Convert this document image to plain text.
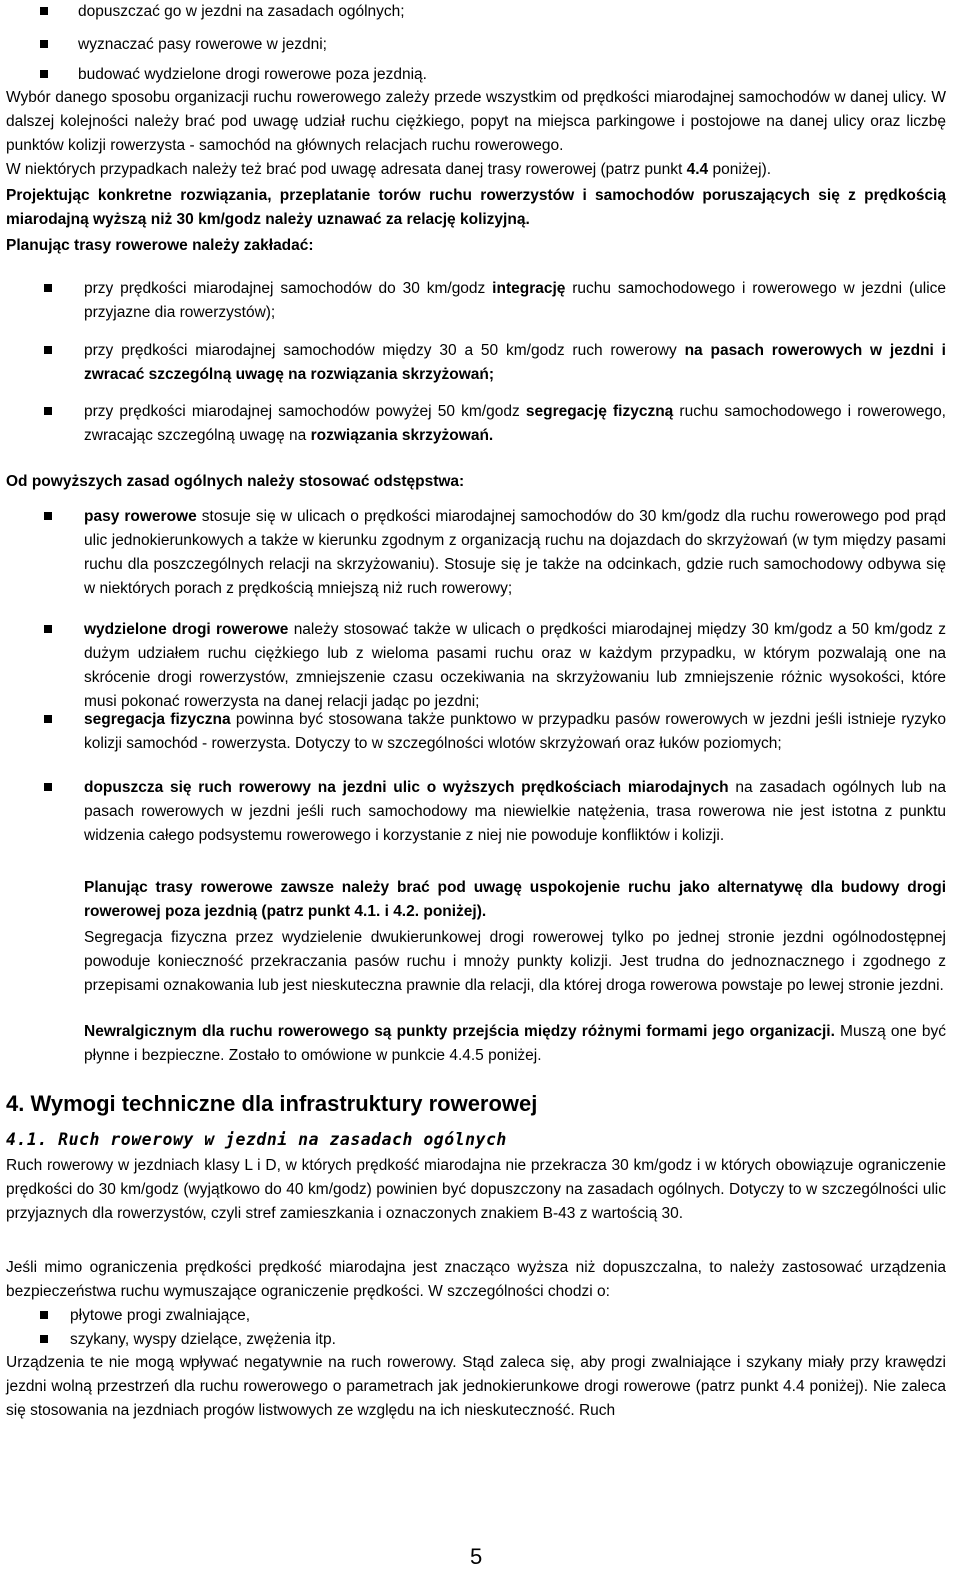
dopuszczać go w jezdni na zasadach ogólnych;
wyznaczać pasy rowerowe w jezdni;
budować wydzielone drogi rowerowe poza jezdnią.
Wybór danego sposobu organizacji ruchu rowerowego zależy przede wszystkim od prędkości miarodajnej samochodów w danej ulicy. W dalszej kolejności należy brać pod uwagę udział ruchu ciężkiego, popyt na miejsca parkingowe i postojowe na danej ulicy oraz liczbę punktów kolizji rowerzysta - samochód na głównych relacjach ruchu rowerowego.
W niektórych przypadkach należy też brać pod uwagę adresata danej trasy rowerowej (patrz punkt 4.4 poniżej).
Projektując konkretne rozwiązania, przeplatanie torów ruchu rowerzystów i samochodów poruszających się z prędkością miarodajną wyższą niż 30 km/godz należy uznawać za relację kolizyjną.
Planując trasy rowerowe należy zakładać:
przy prędkości miarodajnej samochodów do 30 km/godz integrację ruchu samochodowego i rowerowego w jezdni (ulice przyjazne dia rowerzystów);
przy prędkości miarodajnej samochodów między 30 a 50 km/godz ruch rowerowy na pasach rowerowych w jezdni i zwracać szczególną uwagę na rozwiązania skrzyżowań;
przy prędkości miarodajnej samochodów powyżej 50 km/godz segregację fizyczną ruchu samochodowego i rowerowego, zwracając szczególną uwagę na rozwiązania skrzyżowań.
Od powyższych zasad ogólnych należy stosować odstępstwa:
pasy rowerowe stosuje się w ulicach o prędkości miarodajnej samochodów do 30 km/godz dla ruchu rowerowego pod prąd ulic jednokierunkowych a także w kierunku zgodnym z organizacją ruchu na dojazdach do skrzyżowań (w tym między pasami ruchu dla poszczególnych relacji na skrzyżowaniu). Stosuje się je także na odcinkach, gdzie ruch samochodowy odbywa się w niektórych porach z prędkością mniejszą niż ruch rowerowy;
wydzielone drogi rowerowe należy stosować także w ulicach o prędkości miarodajnej między 30 km/godz a 50 km/godz z dużym udziałem ruchu ciężkiego lub z wieloma pasami ruchu oraz w każdym przypadku, w którym pozwalają one na skrócenie drogi rowerzystów, zmniejszenie czasu oczekiwania na skrzyżowaniu lub zmniejszenie różnic wysokości, które musi pokonać rowerzysta na danej relacji jadąc po jezdni;
segregacja fizyczna powinna być stosowana także punktowo w przypadku pasów rowerowych w jezdni jeśli istnieje ryzyko kolizji samochód - rowerzysta. Dotyczy to w szczególności wlotów skrzyżowań oraz łuków poziomych;
dopuszcza się ruch rowerowy na jezdni ulic o wyższych prędkościach miarodajnych na zasadach ogólnych lub na pasach rowerowych w jezdni jeśli ruch samochodowy ma niewielkie natężenia, trasa rowerowa nie jest istotna z punktu widzenia całego podsystemu rowerowego i korzystanie z niej nie powoduje konfliktów i kolizji.
Planując trasy rowerowe zawsze należy brać pod uwagę uspokojenie ruchu jako alternatywę dla budowy drogi rowerowej poza jezdnią (patrz punkt 4.1. i 4.2. poniżej).
Segregacja fizyczna przez wydzielenie dwukierunkowej drogi rowerowej tylko po jednej stronie jezdni ogólnodostępnej powoduje konieczność przekraczania pasów ruchu i mnoży punkty kolizji. Jest trudna do jednoznacznego i zgodnego z przepisami oznakowania lub jest nieskuteczna prawnie dla relacji, dla której droga rowerowa powstaje po lewej stronie jezdni.
Newralgicznym dla ruchu rowerowego są punkty przejścia między różnymi formami jego organizacji. Muszą one być płynne i bezpieczne. Zostało to omówione w punkcie 4.4.5 poniżej.
4. Wymogi techniczne dla infrastruktury rowerowej
4.1. Ruch rowerowy w jezdni na zasadach ogólnych
Ruch rowerowy w jezdniach klasy L i D, w których prędkość miarodajna nie przekracza 30 km/godz i w których obowiązuje ograniczenie prędkości do 30 km/godz (wyjątkowo do 40 km/godz) powinien być dopuszczony na zasadach ogólnych. Dotyczy to w szczególności ulic przyjaznych dla rowerzystów, czyli stref zamieszkania i oznaczonych znakiem B-43 z wartością 30.
Jeśli mimo ograniczenia prędkości prędkość miarodajna jest znacząco wyższa niż dopuszczalna, to należy zastosować urządzenia bezpieczeństwa ruchu wymuszające ograniczenie prędkości. W szczególności chodzi o:
płytowe progi zwalniające,
szykany, wyspy dzielące, zwężenia itp.
Urządzenia te nie mogą wpływać negatywnie na ruch rowerowy. Stąd zaleca się, aby progi zwalniające i szykany miały przy krawędzi jezdni wolną przestrzeń dla ruchu rowerowego o parametrach jak jednokierunkowe drogi rowerowe (patrz punkt 4.4 poniżej). Nie zaleca się stosowania na jezdniach progów listwowych ze względu na ich nieskuteczność. Ruch
5
